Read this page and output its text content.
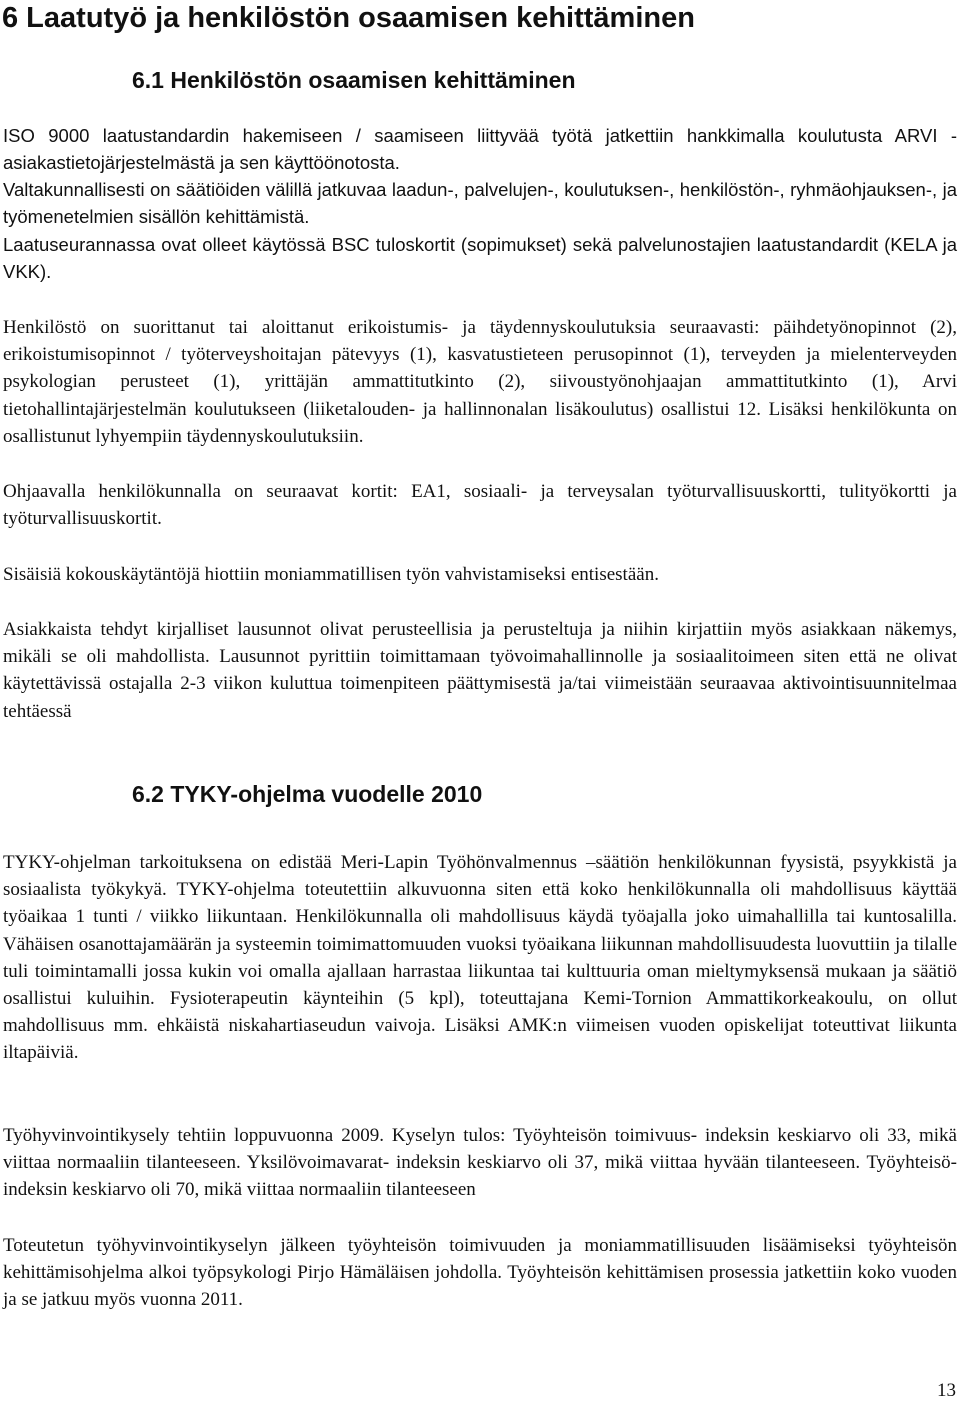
6 Laatutyö ja henkilöstön osaamisen kehittäminen
6.1 Henkilöstön osaamisen kehittäminen

ISO 9000 laatustandardin hakemiseen / saamiseen liittyvää työtä jatkettiin hankkimalla koulutusta ARVI - asiakastietojärjestelmästä ja sen käyttöönotosta.

Valtakunnallisesti on säätiöiden välillä jatkuvaa laadun-, palvelujen-, koulutuksen-, henkilöstön-, ryhmäohjauksen-, ja työmenetelmien sisällön kehittämistä.

Laatuseurannassa ovat olleet käytössä BSC tuloskortit (sopimukset) sekä palvelunostajien laatustandardit (KELA ja VKK).

Henkilöstö on suorittanut tai aloittanut erikoistumis- ja täydennyskoulutuksia seuraavasti: päihdetyönopinnot (2), erikoistumisopinnot / työterveyshoitajan pätevyys (1), kasvatustieteen perusopinnot (1), terveyden ja mielenterveyden psykologian perusteet (1), yrittäjän ammattitutkinto (2), siivoustyönohjaajan ammattitutkinto (1), Arvi tietohallintajärjestelmän koulutukseen (liiketalouden- ja hallinnonalan lisäkoulutus) osallistui 12. Lisäksi henkilökunta on osallistunut lyhyempiin täydennyskoulutuksiin.

Ohjaavalla henkilökunnalla on seuraavat kortit: EA1, sosiaali- ja terveysalan työturvallisuuskortti, tulityökortti ja työturvallisuuskortit.

Sisäisiä kokouskäytäntöjä hiottiin moniammatillisen työn vahvistamiseksi entisestään.

Asiakkaista tehdyt kirjalliset lausunnot olivat perusteellisia ja perusteltuja ja niihin kirjattiin myös asiakkaan näkemys, mikäli se oli mahdollista. Lausunnot pyrittiin toimittamaan työvoimahallinnolle ja sosiaalitoimeen siten että ne olivat käytettävissä ostajalla 2-3 viikon kuluttua toimenpiteen päättymisestä ja/tai viimeistään seuraavaa aktivointisuunnitelmaa tehtäessä

6.2 TYKY-ohjelma vuodelle 2010

TYKY-ohjelman tarkoituksena on edistää Meri-Lapin Työhönvalmennus –säätiön henkilökunnan fyysistä, psyykkistä ja sosiaalista työkykyä. TYKY-ohjelma toteutettiin alkuvuonna siten että koko henkilökunnalla oli mahdollisuus käyttää työaikaa 1 tunti / viikko liikuntaan. Henkilökunnalla oli mahdollisuus käydä työajalla joko uimahallilla tai kuntosalilla. Vähäisen osanottajamäärän ja systeemin toimimattomuuden vuoksi työaikana liikunnan mahdollisuudesta luovuttiin ja tilalle tuli toimintamalli jossa kukin voi omalla ajallaan harrastaa liikuntaa tai kulttuuria oman mieltymyksensä mukaan ja säätiö osallistui kuluihin. Fysioterapeutin käynteihin (5 kpl), toteuttajana Kemi-Tornion Ammattikorkeakoulu, on ollut mahdollisuus mm. ehkäistä niskahartiaseudun vaivoja. Lisäksi AMK:n viimeisen vuoden opiskelijat toteuttivat liikunta iltapäiviä.

Työhyvinvointikysely tehtiin loppuvuonna 2009. Kyselyn tulos: Työyhteisön toimivuus- indeksin keskiarvo oli 33, mikä viittaa normaaliin tilanteeseen. Yksilövoimavarat- indeksin keskiarvo oli 37, mikä viittaa hyvään tilanteeseen. Työyhteisö- indeksin keskiarvo oli 70, mikä viittaa normaaliin tilanteeseen

Toteutetun työhyvinvointikyselyn jälkeen työyhteisön toimivuuden ja moniammatillisuuden lisäämiseksi työyhteisön kehittämisohjelma alkoi työpsykologi Pirjo Hämäläisen johdolla. Työyhteisön kehittämisen prosessia jatkettiin koko vuoden ja se jatkuu myös vuonna 2011.

13
